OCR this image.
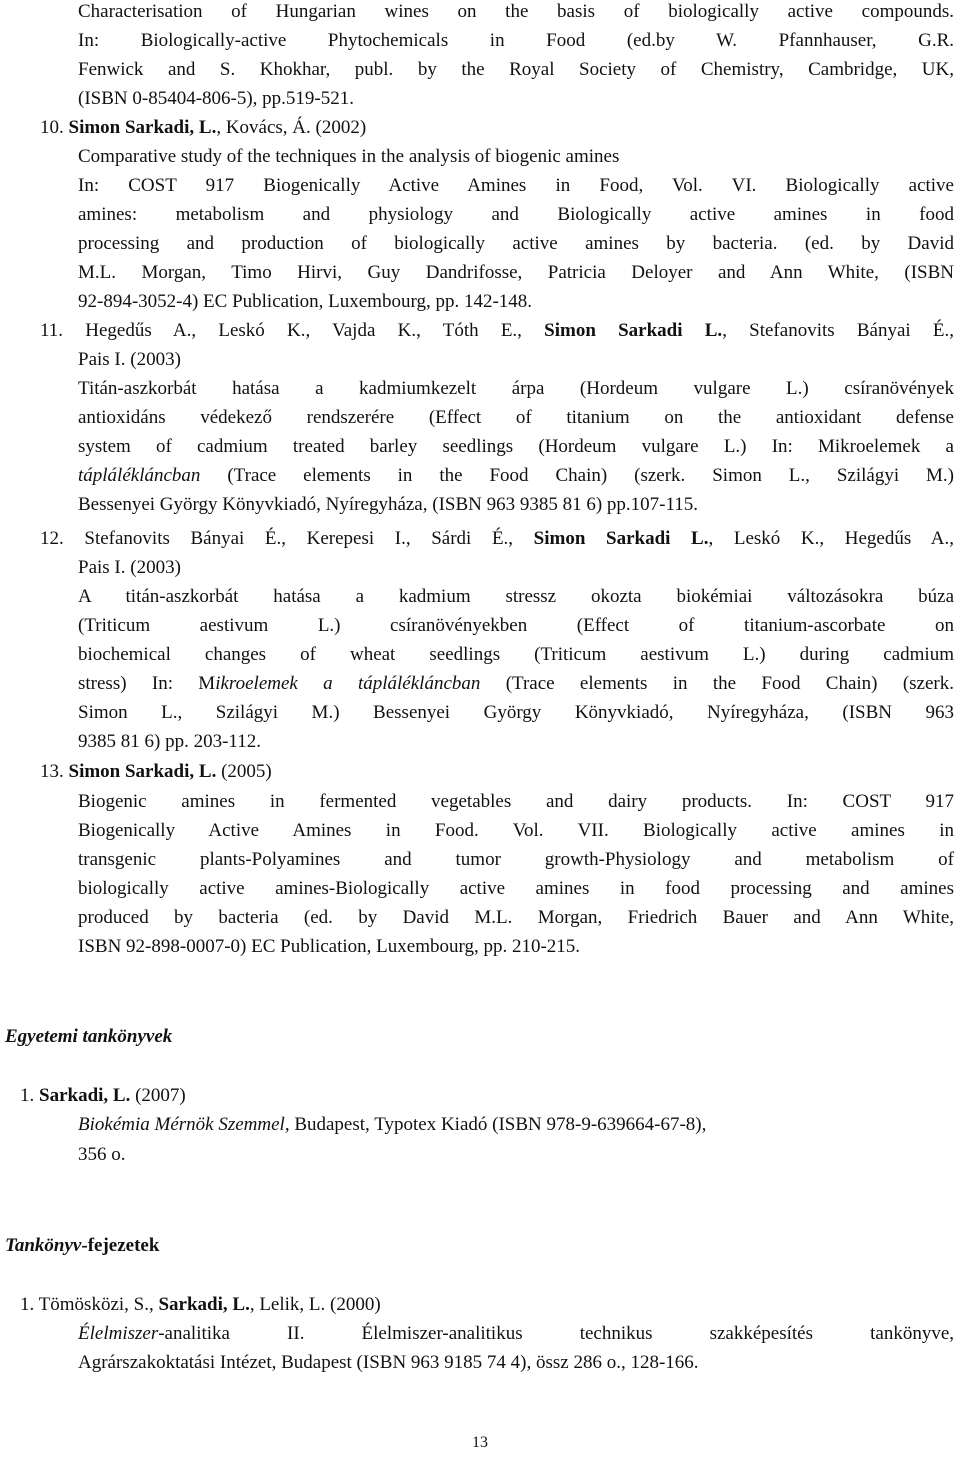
Characterisation of Hungarian wines on the basis of biologically active compounds.
In: Biologically-active Phytochemicals in Food (ed.by W. Pfannhauser, G.R.
Fenwick and S. Khokhar, publ. by the Royal Society of Chemistry, Cambridge, UK,
(ISBN 0-85404-806-5), pp.519-521.
10. Simon Sarkadi, L., Kovács, Á. (2002)
Comparative study of the techniques in the analysis of biogenic amines
In: COST 917 Biogenically Active Amines in Food, Vol. VI. Biologically active
amines: metabolism and physiology and Biologically active amines in food
processing and production of biologically active amines by bacteria. (ed. by David
M.L. Morgan, Timo Hirvi, Guy Dandrifosse, Patricia Deloyer and Ann White, (ISBN
92-894-3052-4) EC Publication, Luxembourg, pp. 142-148.
11. Hegedűs A., Leskó K., Vajda K., Tóth E., Simon Sarkadi L., Stefanovits Bányai É.,
Pais I. (2003)
Titán-aszkorbát hatása a kadmiumkezelt árpa (Hordeum vulgare L.) csíranövények
antioxidáns védekező rendszerére (Effect of titanium on the antioxidant defense
system of cadmium treated barley seedlings (Hordeum vulgare L.) In: Mikroelemek a
táplálékláncban (Trace elements in the Food Chain) (szerk. Simon L., Szilágyi M.)
Bessenyei György Könyvkiadó, Nyíregyháza, (ISBN 963 9385 81 6) pp.107-115.
12. Stefanovits Bányai É., Kerepesi I., Sárdi É., Simon Sarkadi L., Leskó K., Hegedűs A.,
Pais I. (2003)
A titán-aszkorbát hatása a kadmium stressz okozta biokémiai változásokra búza
(Triticum aestivum L.) csíranövényekben (Effect of titanium-ascorbate on
biochemical changes of wheat seedlings (Triticum aestivum L.) during cadmium
stress) In: Mikroelemek a táplálékláncban (Trace elements in the Food Chain) (szerk.
Simon L., Szilágyi M.) Bessenyei György Könyvkiadó, Nyíregyháza, (ISBN 963
9385 81 6) pp. 203-112.
13. Simon Sarkadi, L. (2005)
Biogenic amines in fermented vegetables and dairy products. In: COST 917
Biogenically Active Amines in Food. Vol. VII. Biologically active amines in
transgenic plants-Polyamines and tumor growth-Physiology and metabolism of
biologically active amines-Biologically active amines in food processing and amines
produced by bacteria (ed. by David M.L. Morgan, Friedrich Bauer and Ann White,
ISBN 92-898-0007-0) EC Publication, Luxembourg, pp. 210-215.
Egyetemi tankönyvek
1. Sarkadi, L. (2007)
Biokémia Mérnök Szemmel, Budapest, Typotex Kiadó (ISBN 978-9-639664-67-8),
356 o.
Tankönyv-fejezetek
1. Tömösközi, S., Sarkadi, L., Lelik, L. (2000)
Élelmiszer-analitika II. Élelmiszer-analitikus technikus szakképesítés tankönyve,
Agrárszakoktatási Intézet, Budapest (ISBN 963 9185 74 4), össz 286 o., 128-166.
13
